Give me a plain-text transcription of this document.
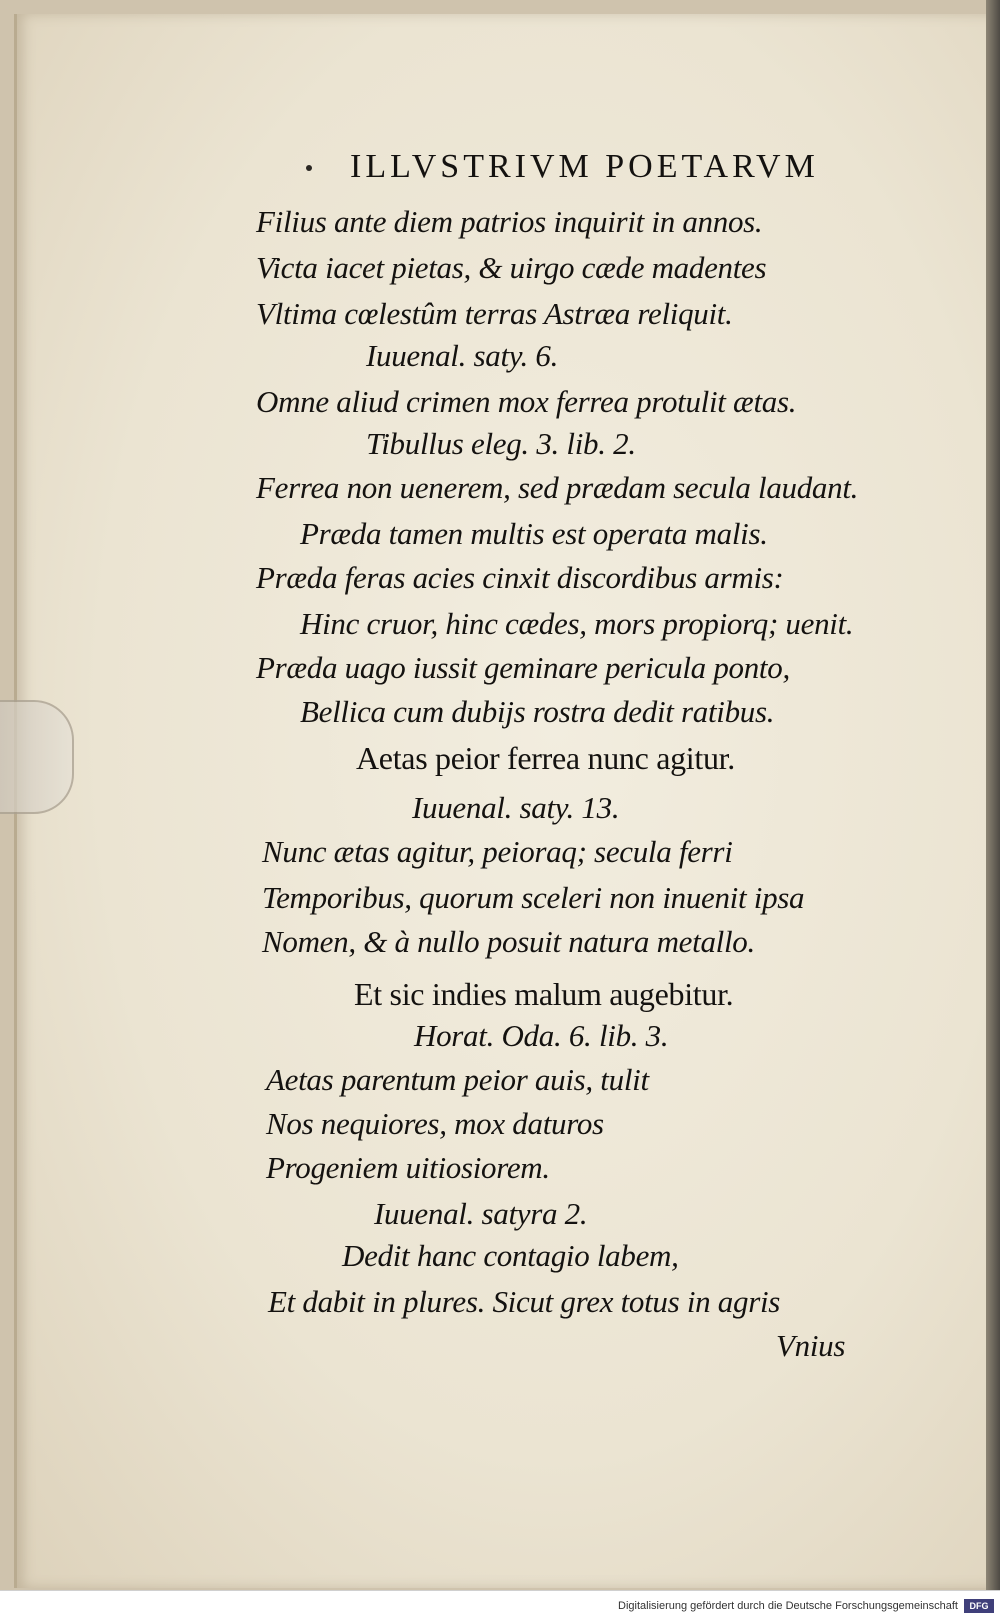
ILLVSTRIVM POETARVM
Filius ante diem patrios inquirit in annos.
Victa iacet pietas, & uirgo cæde madentes
Vltima cœlestûm terras Astræa reliquit.
Iuuenal. saty. 6.
Omne aliud crimen mox ferrea protulit ætas.
Tibullus eleg. 3. lib. 2.
Ferrea non uenerem, sed prædam secula laudant.
Præda tamen multis est operata malis.
Præda feras acies cinxit discordibus armis:
Hinc cruor, hinc cædes, mors propiorq; uenit.
Præda uago iussit geminare pericula ponto,
Bellica cum dubijs rostra dedit ratibus.
Aetas peior ferrea nunc agitur.
Iuuenal. saty. 13.
Nunc ætas agitur, peioraq; secula ferri
Temporibus, quorum sceleri non inuenit ipsa
Nomen, & à nullo posuit natura metallo.
Et sic indies malum augebitur.
Horat. Oda. 6. lib. 3.
Aetas parentum peior auis, tulit
Nos nequiores, mox daturos
Progeniem uitiosiorem.
Iuuenal. satyra 2.
Dedit hanc contagio labem,
Et dabit in plures. Sicut grex totus in agris
Vnius
Digitalisierung gefördert durch die Deutsche Forschungsgemeinschaft	DFG
